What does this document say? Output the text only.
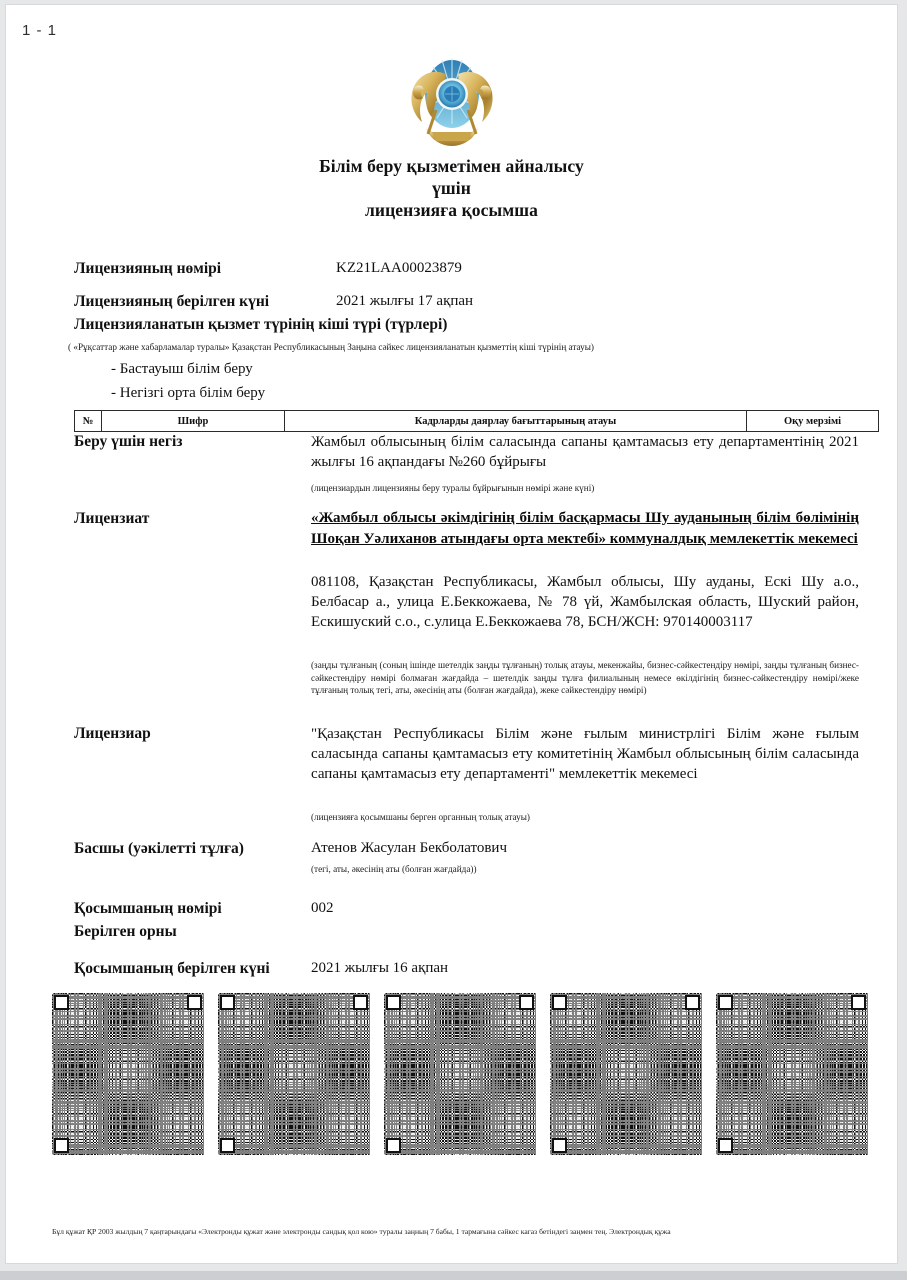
1 - 1
Білім беру қызметімен айналысу
үшін
лицензияға қосымша
Лицензияның нөмірі	KZ21LAA00023879
Лицензияның берілген күні	2021 жылғы 17 ақпан
Лицензияланатын қызмет түрінің кіші түрі (түрлері)
( «Рұқсаттар және хабарламалар туралы» Қазақстан Республикасының Заңына сәйкес лицензияланатын қызметтің кіші түрінің атауы)
- Бастауыш білім беру
- Негізгі орта білім беру
№	Шифр	Кадрларды даярлау бағыттарының атауы	Оқу мерзімі
Беру үшін негіз	Жамбыл облысының білім саласында сапаны қамтамасыз ету департаментінің 2021 жылғы 16 ақпандағы №260 бұйрығы
(лицензиардын лицензияны беру туралы бұйрығынын нөмірі және күні)
Лицензиат	«Жамбыл облысы әкімдігінің білім басқармасы Шу ауданының білім бөлімінің Шоқан Уәлиханов атындағы орта мектебі» коммуналдық мемлекеттік мекемесі
081108, Қазақстан Республикасы, Жамбыл облысы, Шу ауданы, Ескі Шу а.о., Белбасар а., улица Е.Беккожаева, № 78 үй, Жамбылская область, Шуский район, Ескишуский с.о., с.улица Е.Беккожаева 78, БСН/ЖСН: 970140003117
(заңды тұлғаның (соның ішінде шетелдік заңды тұлғаның) толық атауы, мекенжайы, бизнес-сәйкестендіру нөмірі, заңды тұлғаның бизнес-сәйкестендіру нөмірі болмаған жағдайда – шетелдік заңды тұлға филиалының немесе өкілдігінің бизнес-сәйкестендіру нөмірі/жеке тұлғаның толық тегі, аты, әкесінің аты (болған жағдайда), жеке сәйкестендіру нөмірі)
Лицензиар	"Қазақстан Республикасы Білім және ғылым министрлігі Білім және ғылым саласында сапаны қамтамасыз ету комитетінің Жамбыл облысының білім саласында сапаны қамтамасыз ету департаменті" мемлекеттік мекемесі
(лицензияға қосымшаны берген органның толық атауы)
Басшы (уәкілетті тұлға)	Атенов Жасулан Бекболатович
(тегі, аты, әкесінің аты (болған жағдайда))
Қосымшаның нөмірі	002
Берілген орны
Қосымшаның берілген күні	2021 жылғы 16 ақпан
Бұл құжат ҚР 2003 жылдың 7 қаңтарындағы «Электронды құжат және электронды сандық қол кою» туралы заңның 7 бабы, 1 тармағына сәйкес кагаз бетіндегі заңмен тең. Электрондық құжа
